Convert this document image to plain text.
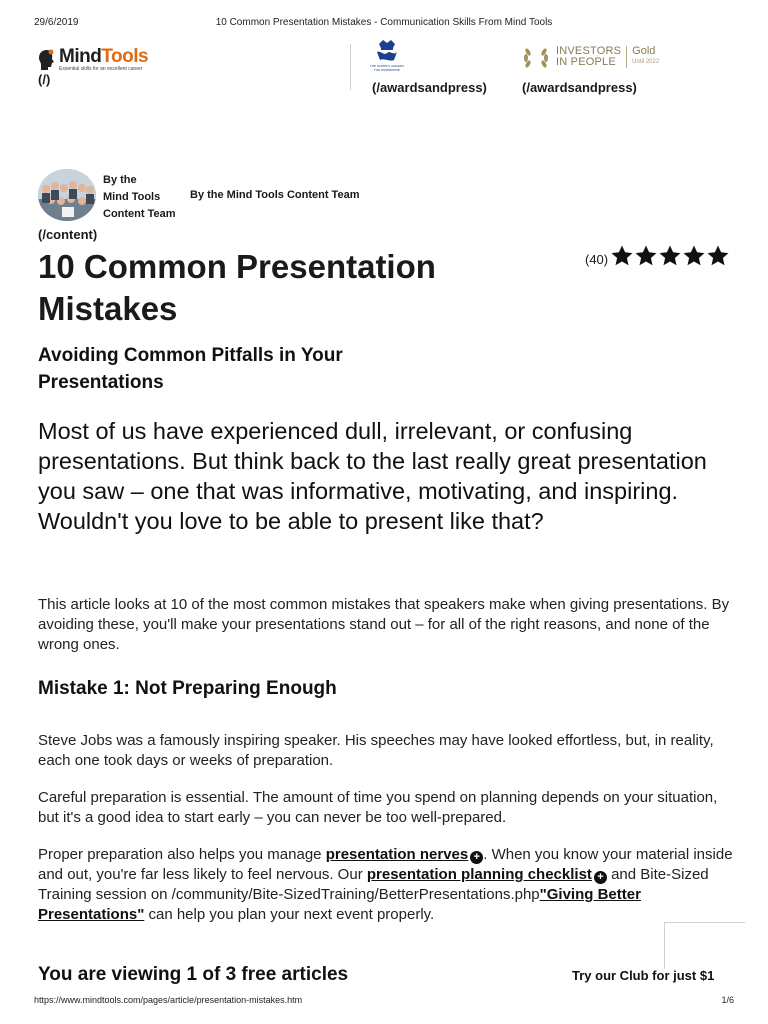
29/6/2019	10 Common Presentation Mistakes - Communication Skills From Mind Tools
MindTools
Essential skills for an excellent career
(/)
THE QUEEN'S AWARDS
FOR ENTERPRISE
(/awardsandpress)
INVESTORS
IN PEOPLE
Gold
Until 2022
(/awardsandpress)
By the
Mind Tools
Content Team
By the Mind Tools Content Team
(/content)
10 Common Presentation Mistakes
(40)
Avoiding Common Pitfalls in Your Presentations
Most of us have experienced dull, irrelevant, or confusing presentations. But think back to the last really great presentation you saw – one that was informative, motivating, and inspiring. Wouldn't you love to be able to present like that?
This article looks at 10 of the most common mistakes that speakers make when giving presentations. By avoiding these, you'll make your presentations stand out – for all of the right reasons, and none of the wrong ones.
Mistake 1: Not Preparing Enough
Steve Jobs was a famously inspiring speaker. His speeches may have looked effortless, but, in reality, each one took days or weeks of preparation.
Careful preparation is essential. The amount of time you spend on planning depends on your situation, but it's a good idea to start early – you can never be too well-prepared.
Proper preparation also helps you manage presentation nerves + . When you know your material inside and out, you're far less likely to feel nervous. Our presentation planning checklist + and Bite-Sized Training session on /community/Bite-SizedTraining/BetterPresentations.php"Giving Better Presentations" can help you plan your next event properly.
You are viewing 1 of 3 free articles	Try our Club for just $1
https://www.mindtools.com/pages/article/presentation-mistakes.htm	1/6
